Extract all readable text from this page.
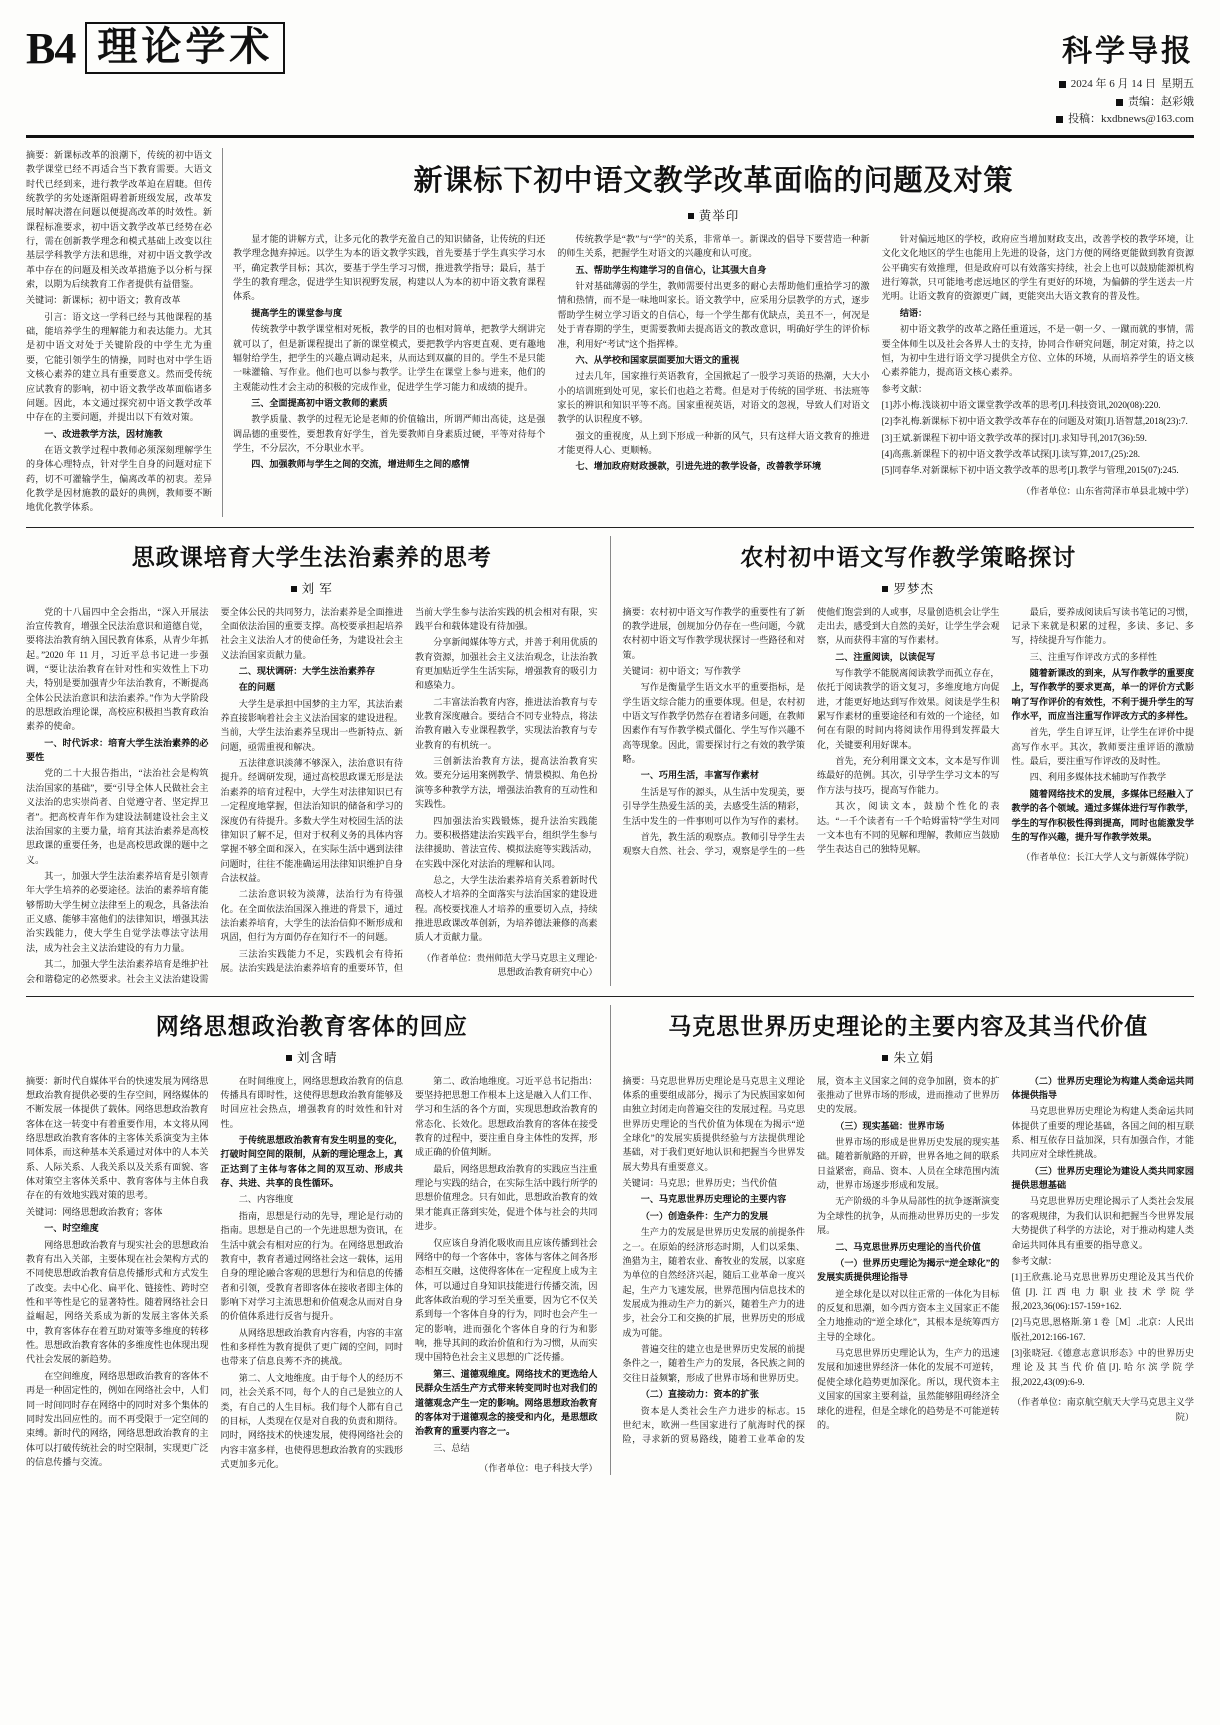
B4 理论学术	科学导报
2024 年 6 月 14 日 星期五
责编：赵彩娥
投稿：kxdbnews@163.com

摘要：新课标改革的浪潮下，传统的初中语文教学课堂已经不再适合当下教育需要。大语文时代已经到来，进行教学改革迫在眉睫。但传统教学的劣处逐渐阻碍着新班级发展，改革发展时解决潜在问题以便提高改革的时效性。新课程标准要求，初中语文教学改革已经势在必行，需在创新教学理念和模式基础上改变以往基层学科教学方法和思维，对初中语文教学改革中存在的问题及相关改革措施予以分析与探索，以期为后续教育工作者提供有益借鉴。

关键词：新课标；初中语文；教育改革

引言：语文这一学科已经与其他课程的基础，能培养学生的理解能力和表达能力。尤其是初中语文对处于关键阶段的中学生尤为重要，它能引领学生的情操，同时也对中学生语文核心素养的建立具有重要意义。然而受传统应试教育的影响，初中语文教学改革面临诸多问题。因此，本文通过探究初中语文教学改革中存在的主要问题，并提出以下有效对策。

一、改进教学方法，因材施教

在语文教学过程中教师必须深刻理解学生的身体心理特点，针对学生自身的问题对症下药，切不可灌输学生，偏离改革的初衷。差异化教学是因材施教的最好的典例，教师要不断地优化教学体系。

新课标下初中语文教学改革面临的问题及对策
黄举印

显才能的讲解方式，让多元化的教学充盈自己的知识储备，让传统的归还教学理念抛弃掉远。以学生为本的语文教学实践，首先要基于学生真实学习水平，确定教学目标；其次，要基于学生学习习惯，推进教学指导；最后，基于学生的教育理念，促进学生知识视野发展，构建以人为本的初中语文教育课程体系。

提高学生的课堂参与度

传统教学中教学课堂相对死板，教学的目的也相对简单，把教学大纲讲完就可以了，但是新课程提出了新的课堂模式，要把教学内容更直观、更有趣地辐射给学生，把学生的兴趣点调动起来，从而达到双赢的目的。学生不是只能一味灌输、写作业。他们也可以参与教学。让学生在课堂上参与进来，他们的主观能动性才会主动的积极的完成作业，促进学生学习能力和成绩的提升。

三、全面提高初中语文教师的素质

教学质量、教学的过程无论是老师的价值输出，所谓严师出高徒，这是强调品德的重要性，要想教育好学生，首先要教师自身素质过硬，平等对待每个学生，不分层次，不分职业水平。

四、加强教师与学生之间的交流，增进师生之间的感情

传统教学是“教”与“学”的关系，非常单一。新课改的倡导下要营造一种新的师生关系，把握学生对语文的兴趣度和认可度。

五、帮助学生构建学习的自信心，让其强大自身

针对基础薄弱的学生，教师需要付出更多的耐心去帮助他们重拾学习的激情和热情，而不是一味地叫家长。语文教学中，应采用分层教学的方式，逐步帮助学生树立学习语文的自信心，每一个学生都有优缺点，美丑不一，何况是处于青春期的学生，更需要教师去提高语文的教改意识，明确好学生的评价标准，利用好“考试”这个指挥棒。

六、从学校和国家层面要加大语文的重视

过去几年，国家推行英语教育，全国掀起了一股学习英语的热潮，大大小小的培训班到处可见，家长们也趋之若鹜。但是对于传统的国学班、书法班等家长的辨识和知识平等不高。国家重视英语，对语文的忽视，导致人们对语文教学的认识程度不够。

强文的重视度，从上到下形成一种新的风气，只有这样大语文教育的推进才能更得人心、更顺畅。

七、增加政府财政援款，引进先进的教学设备，改善教学环境

针对偏远地区的学校，政府应当增加财政支出，改善学校的教学环境，让文化文化地区的学生也能用上先进的设备，这门方便的网络更能做到教育资源公平确实有效推理，但是政府可以有效落实持续，社会上也可以鼓励能源机构进行筹款，只可能地考虑远地区的学生有更好的环境，为偏僻的学生送去一片光明。让语文教育的资源更广阔，更能突出大语文教育的普及性。

结语：

初中语文教学的改革之路任重道远，不是一朝一夕、一蹴而就的事情，需要全体师生以及社会各界人士的支持，协同合作研究问题，制定对策，持之以恒，为初中生进行语文学习提供全方位、立体的环境，从而培养学生的语文核心素养能力，提高语文核心素养。

参考文献：

[1]苏小梅.浅谈初中语文课堂教学改革的思考[J].科技资讯,2020(08):220.

[2]李礼梅.新课标下初中语文教学改革存在的问题及对策[J].语智慧,2018(23):7.

[3]王斌.新课程下初中语文教学改革的探讨[J].求知导刊,2017(36):59.

[4]高燕.新课程下的初中语文教学改革试探[J].读写算,2017,(25):28.

[5]同春华.对新课标下初中语文教学改革的思考[J].教学与管理,2015(07):245.

（作者单位：山东省菏泽市单县北城中学）
思政课培育大学生法治素养的思考
刘 军

党的十八届四中全会指出，“深入开展法治宣传教育，增强全民法治意识和道德自觉，要将法治教育纳入国民教育体系，从青少年抓起。”2020 年 11 月，习近平总书记进一步强调，“要让法治教育在针对性和实效性上下功夫，特别是要加强青少年法治教育，不断提高全体公民法治意识和法治素养。”作为大学阶段的思想政治理论课，高校应积极担当教育政治素养的使命。

一、时代诉求：培育大学生法治素养的必要性

党的二十大报告指出，“法治社会是构筑法治国家的基础”，要“引导全体人民做社会主义法治的忠实崇尚者、自觉遵守者、坚定捍卫者”。把高校青年作为建设法制建设社会主义法治国家的主要力量，培育其法治素养是高校思政课的重要任务，也是高校思政课的题中之义。

其一，加强大学生法治素养培育是引领青年大学生培养的必要途径。法治的素养培育能够帮助大学生树立法律至上的观念，具备法治正义感、能够丰富他们的法律知识，增强其法治实践能力，使大学生自觉学法尊法守法用法，成为社会主义法治建设的有力力量。

其二，加强大学生法治素养培育是维护社会和谐稳定的必然要求。社会主义法治建设需要全体公民的共同努力，法治素养是全面推进全面依法治国的重要支撑。高校要承担起培养社会主义法治人才的使命任务，为建设社会主义法治国家贡献力量。

二、现状调研：大学生法治素养存

在的问题

大学生是承担中国梦的主力军，其法治素养直接影响着社会主义法治国家的建设进程。当前，大学生法治素养呈现出一些新特点、新问题，亟需重视和解决。

五法律意识淡薄不够深入，法治意识有待提升。经调研发现，通过高校思政课无形是法治素养的培育过程中，大学生对法律知识已有一定程度地掌握，但法治知识的储备和学习的深度仍有待提升。多数大学生对校园生活的法律知识了解不足，但对于权利义务的具体内容掌握不够全面和深入，在实际生活中遇到法律问题时，往往不能准确运用法律知识维护自身合法权益。

二法治意识较为淡薄，法治行为有待强化。在全面依法治国深入推进的背景下，通过法治素养培育，大学生的法治信仰不断形成和巩固，但行为方面仍存在知行不一的问题。

三法治实践能力不足，实践机会有待拓展。法治实践是法治素养培育的重要环节，但当前大学生参与法治实践的机会相对有限，实践平台和载体建设有待加强。

分享新闻媒体等方式，并善于利用优质的教育资源，加强社会主义法治观念，让法治教育更加贴近学生生活实际，增强教育的吸引力和感染力。

二丰富法治教育内容，推进法治教育与专业教育深度融合。要结合不同专业特点，将法治教育融入专业课程教学，实现法治教育与专业教育的有机统一。

三创新法治教育方法，提高法治教育实效。要充分运用案例教学、情景模拟、角色扮演等多种教学方法，增强法治教育的互动性和实践性。

四加强法治实践锻炼，提升法治实践能力。要积极搭建法治实践平台，组织学生参与法律援助、普法宣传、模拟法庭等实践活动，在实践中深化对法治的理解和认同。

总之，大学生法治素养培育关系着新时代高校人才培养的全面落实与法治国家的建设进程。高校要找准人才培养的重要切入点，持续推进思政课改革创新，为培养德法兼修的高素质人才贡献力量。

（作者单位：贵州师范大学马克思主义理论·思想政治教育研究中心）
农村初中语文写作教学策略探讨
罗梦杰

摘要：农村初中语文写作教学的重要性有了新的教学进展，创规加分仍存在一些问题，今就农村初中语文写作教学现状探讨一些路径和对策。

关键词：初中语文；写作教学

写作是衡量学生语文水平的重要指标，是学生语文综合能力的重要体现。但是，农村初中语文写作教学仍然存在着诸多问题，在教师因素作有写作教学模式僵化、学生写作兴趣不高等现象。因此，需要探讨行之有效的教学策略。

一、巧用生活，丰富写作素材

生活是写作的源头，从生活中发现美，要引导学生热爱生活的美，去感受生活的精彩，生活中发生的一件事则可以作为写作的素材。

首先，教生活的观察点。教师引导学生去观察大自然、社会、学习，观察是学生的一些使他们饱尝到的人或事，尽量创造机会让学生走出去，感受到大自然的美好，让学生学会观察，从而获得丰富的写作素材。

二、注重阅读，以读促写

写作教学不能脱离阅读教学而孤立存在，依托于阅读教学的语文复习，多维度地方向促进，才能更好地达到写作效果。阅读是学生积累写作素材的重要途径和有效的一个途径，如何在有限的时间内将阅读作用得到发挥最大化，关键要利用好课本。

首先，充分利用课文文本，文本是写作训练最好的范例。其次，引导学生学习文本的写作方法与技巧，提高写作能力。

其次，阅读文本，鼓励个性化的表达。“一千个读者有一千个哈姆雷特”学生对同一文本也有不同的见解和理解，教师应当鼓励学生表达自己的独特见解。

最后，要养成阅读后写读书笔记的习惯，记录下来就是积累的过程，多读、多记、多写，持续提升写作能力。

三、注重写作评改方式的多样性

随着新课改的到来，从写作教学的重要度上，写作教学的要求更高，单一的评价方式影响了写作评价的有效性，不利于提升学生的写作水平，而应当注重写作评改方式的多样性。

首先，学生自评互评，让学生在评价中提高写作水平。其次，教师要注重评语的激励性。最后，要注重写作评改的及时性。

四、利用多媒体技术辅助写作教学

随着网络技术的发展，多媒体已经融入了教学的各个领域。通过多媒体进行写作教学，学生的写作积极性得到提高，同时也能激发学生的写作兴趣，提升写作教学效果。

（作者单位：长江大学人文与新媒体学院）
网络思想政治教育客体的回应
刘含晴

摘要：新时代自媒体平台的快速发展为网络思想政治教育提供必要的生存空间，网络媒体的不断发展一体提供了载体。网络思想政治教育客体在这一转变中有着重要作用，本文将从网络思想政治教育客体的主客体关系演变为主体同体系，而这种基本关系通过对体中的人本关系、人际关系、人我关系以及关系有面貌、客体对策空主客体关系中、教育客体与主体自我存在的有效地实践对策的思考。

关键词：网络思想政治教育；客体

一、时空维度

网络思想政治教育与现实社会的思想政治教育有出入关部，主要体现在社会架构方式的不同使思想政治教育信息传播形式和方式发生了改变。去中心化、扁平化、链接性、跨时空性和平等性是它的显著特性。随着网络社会日益崛起，网络关系成为新的发展主客体关系中，教育客体存在着互助对策等多维度的转移性。思想政治教育客体的多维度性也体现出现代社会发展的新趋势。

在空间维度，网络思想政治教育的客体不再是一种固定性的，例如在网络社会中，人们同一时间同时存在网络中的同时对多个集体的同时发出回应性的。而不再受限于一定空间的束缚。新时代的网络，网络思想政治教育的主体可以打破传统社会的时空限制，实现更广泛的信息传播与交流。

在时间维度上，网络思想政治教育的信息传播具有即时性，这使得思想政治教育能够及时回应社会热点，增强教育的时效性和针对性。

于传统思想政治教育有发生明显的变化，打破时间空间的限制，从新的理论理念上，真正达到了主体与客体之间的双互动、形成共存、共进、共享的良性循环。

二、内容维度

指南，思想是行动的先导，理论是行动的指南。思想是自己的一个先进思想为资讯，在生活中就会有相对应的行为。在网络思想政治教育中，教育者通过网络社会这一载体，运用自身的理论融合客观的思想行为和信息的传播者和引领，受教育者即客体在接收者即主体的影响下对学习主流思想和价值观念从而对自身的价值体系进行反省与提升。

从网络思想政治教育内容看，内容的丰富性和多样性为教育提供了更广阔的空间，同时也带来了信息良莠不齐的挑战。

第二、人文地维度。由于每个人的经历不同，社会关系不同，每个人的自己是独立的人类，有自己的人生目标。我们每个人都有自己的目标，人类现在仅是对自我的负责和期待。同时，网络技术的快速发展，使得网络社会的内容丰富多样，也使得思想政治教育的实践形式更加多元化。

第二、政治地维度。习近平总书记指出：要坚持把思想工作根本上这是融入人们工作、学习和生活的各个方面，实现思想政治教育的常态化、长效化。思想政治教育的客体在接受教育的过程中，要注重自身主体性的发挥，形成正确的价值判断。

最后，网络思想政治教育的实践应当注重理论与实践的结合，在实际生活中践行所学的思想价值理念。只有如此，思想政治教育的效果才能真正落到实处，促进个体与社会的共同进步。

仅应该自身消化吸收而且应该传播到社会网络中的每一个客体中，客体与客体之间各形态相互交融，这使得客体在一定程度上成为主体，可以通过自身知识技能进行传播交流，因此客体政治观的学习至关重要，因为它不仅关系到每一个客体自身的行为，同时也会产生一定的影响，进而强化个客体自身的行为和影响，推导其间的政治价值和行为习惯，从而实现中国特色社会主义思想的广泛传播。

第三、道德观维度。网络技术的更选给人民群众生活生产方式带来转变同时也对我们的道德观念产生一定的影响。网络思想政治教育的客体对于道德观念的接受和内化，是思想政治教育的重要内容之一。

三、总结

（作者单位：电子科技大学）
马克思世界历史理论的主要内容及其当代价值
朱立娟

摘要：马克思世界历史理论是马克思主义理论体系的重要组成部分，揭示了为民族国家如何由独立封闭走向普遍交往的发展过程。马克思世界历史理论的当代价值为体现在为揭示“逆全球化”的发展实质提供经验与方法提供理论基础，对于我们更好地认识和把握当今世界发展大势具有重要意义。

关键词：马克思；世界历史；当代价值

一、马克思世界历史理论的主要内容

（一）创造条件：生产力的发展

生产力的发展是世界历史发展的前提条件之一。在原始的经济形态时期，人们以采集、渔猎为主，随着农业、畜牧业的发展，以家庭为单位的自然经济兴起，随后工业革命一度兴起，生产力飞速发展，世界范围内信息技术的发展成为推动生产力的新兴，随着生产力的进步，社会分工和交换的扩展，世界历史的形成成为可能。

普遍交往的建立也是世界历史发展的前提条件之一，随着生产力的发展，各民族之间的交往日益频繁，形成了世界市场和世界历史。

（二）直接动力：资本的扩张

资本是人类社会生产力进步的标志。15 世纪末，欧洲一些国家进行了航海时代的探险，寻求新的贸易路线，随着工业革命的发展，资本主义国家之间的竞争加剧，资本的扩张推动了世界市场的形成，进而推动了世界历史的发展。

（三）现实基础：世界市场

世界市场的形成是世界历史发展的现实基础。随着新航路的开辟，世界各地之间的联系日益紧密，商品、资本、人员在全球范围内流动，世界市场逐步形成和发展。

无产阶级的斗争从局部性的抗争逐渐演变为全球性的抗争，从而推动世界历史的一步发展。

二、马克思世界历史理论的当代价值

（一）世界历史理论为揭示“逆全球化”的发展实质提供理论指导

逆全球化是以对以往正常的一体化为目标的反复和思潮，如今西方资本主义国家正不能全力地推动的“逆全球化”，其根本是统筹西方主导的全球化。

马克思世界历史理论认为，生产力的迅速发展和加速世界经济一体化的发展不可逆转，促使全球化趋势更加深化。所以，现代资本主义国家的国家主要利益，虽然能够阻碍经济全球化的进程，但是全球化的趋势是不可能逆转的。

（二）世界历史理论为构建人类命运共同体提供指导

马克思世界历史理论为构建人类命运共同体提供了重要的理论基础，各国之间的相互联系、相互依存日益加深，只有加强合作，才能共同应对全球性挑战。

（三）世界历史理论为建设人类共同家园提供思想基础

马克思世界历史理论揭示了人类社会发展的客观规律，为我们认识和把握当今世界发展大势提供了科学的方法论，对于推动构建人类命运共同体具有重要的指导意义。

参考文献：

[1]王欣燕.论马克思世界历史理论及其当代价值[J].江西电力职业技术学院学报,2023,36(06):157-159+162.

[2]马克思,恩格斯.第 1 卷［M］.北京：人民出版社,2012:166-167.

[3]张晓冠.《德意志意识形态》中的世界历史理论及其当代价值[J].哈尔滨学院学报,2022,43(09):6-9.

（作者单位：南京航空航天大学马克思主义学院）
